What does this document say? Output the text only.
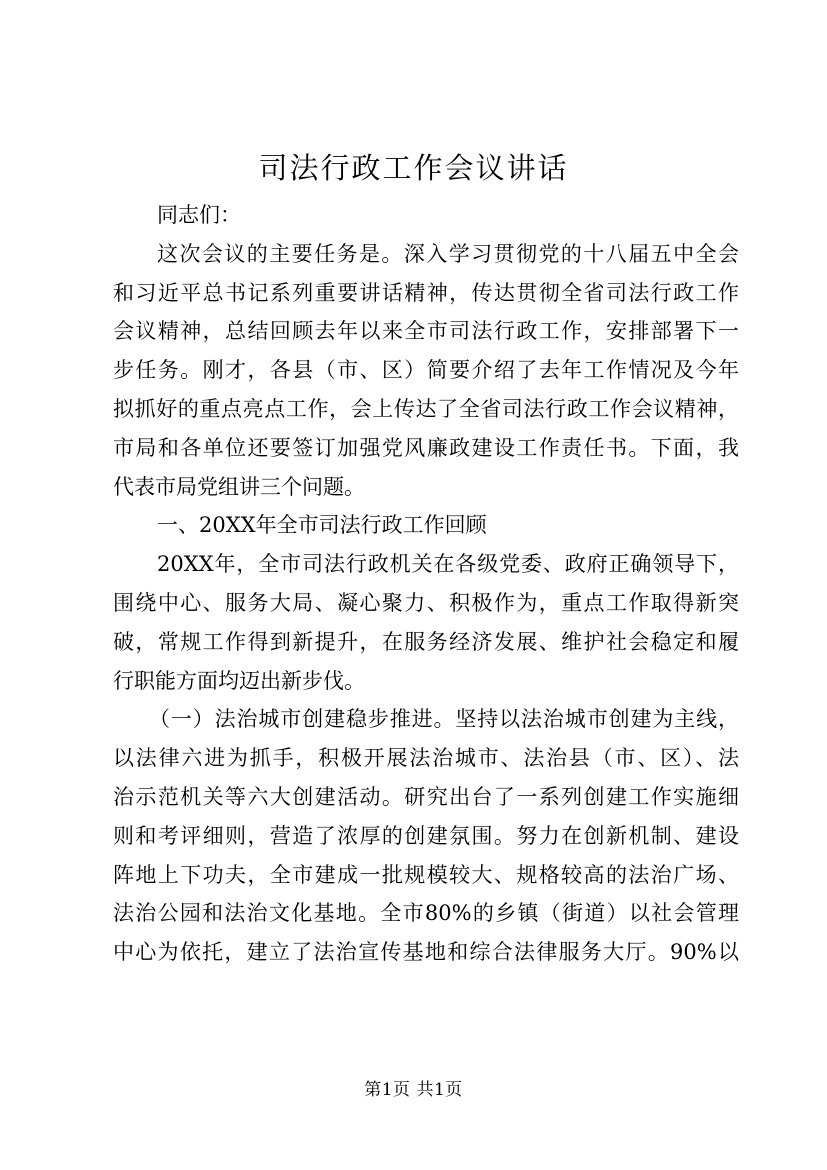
司法行政工作会议讲话
同志们：
这次会议的主要任务是。深入学习贯彻党的十八届五中全会
和习近平总书记系列重要讲话精神，传达贯彻全省司法行政工作
会议精神，总结回顾去年以来全市司法行政工作，安排部署下一
步任务。刚才，各县（市、区）简要介绍了去年工作情况及今年
拟抓好的重点亮点工作，会上传达了全省司法行政工作会议精神，
市局和各单位还要签订加强党风廉政建设工作责任书。下面，我
代表市局党组讲三个问题。
一、20XX年全市司法行政工作回顾
20XX年，全市司法行政机关在各级党委、政府正确领导下，
围绕中心、服务大局、凝心聚力、积极作为，重点工作取得新突
破，常规工作得到新提升，在服务经济发展、维护社会稳定和履
行职能方面均迈出新步伐。
（一）法治城市创建稳步推进。坚持以法治城市创建为主线，
以法律六进为抓手，积极开展法治城市、法治县（市、区）、法
治示范机关等六大创建活动。研究出台了一系列创建工作实施细
则和考评细则，营造了浓厚的创建氛围。努力在创新机制、建设
阵地上下功夫，全市建成一批规模较大、规格较高的法治广场、
法治公园和法治文化基地。全市80%的乡镇（街道）以社会管理
中心为依托，建立了法治宣传基地和综合法律服务大厅。90%以
第1页 共1页
